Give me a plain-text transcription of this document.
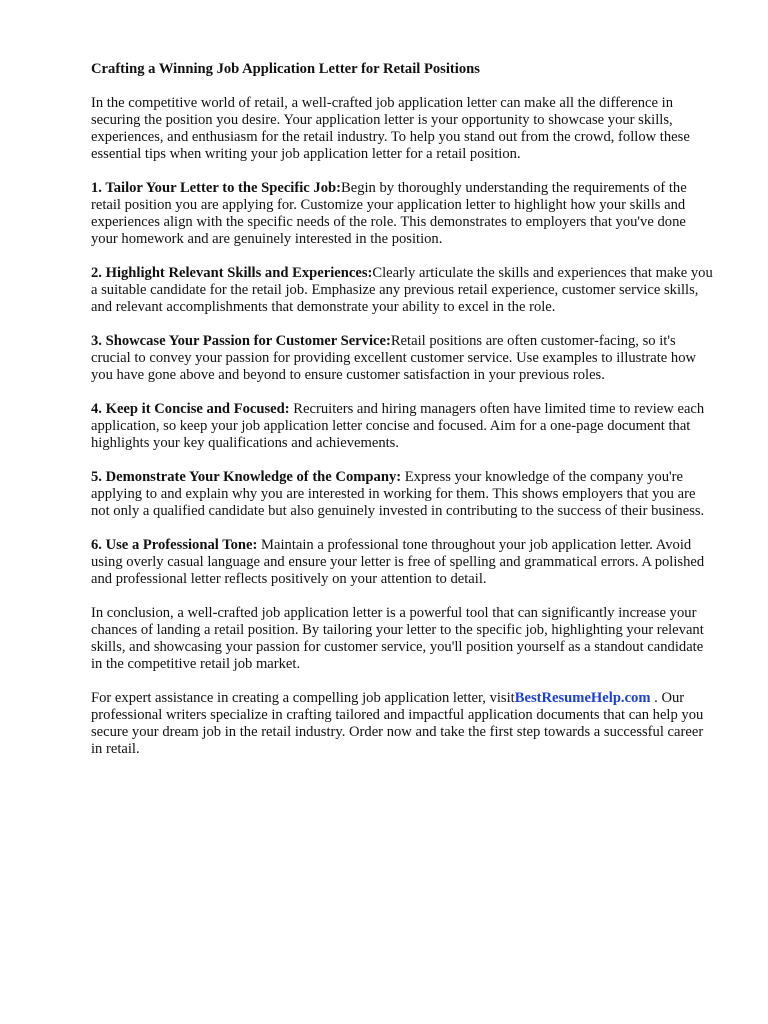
Crafting a Winning Job Application Letter for Retail Positions

In the competitive world of retail, a well-crafted job application letter can make all the difference in securing the position you desire. Your application letter is your opportunity to showcase your skills, experiences, and enthusiasm for the retail industry. To help you stand out from the crowd, follow these essential tips when writing your job application letter for a retail position.

1. Tailor Your Letter to the Specific Job:Begin by thoroughly understanding the requirements of the retail position you are applying for. Customize your application letter to highlight how your skills and experiences align with the specific needs of the role. This demonstrates to employers that you've done your homework and are genuinely interested in the position.

2. Highlight Relevant Skills and Experiences:Clearly articulate the skills and experiences that make you a suitable candidate for the retail job. Emphasize any previous retail experience, customer service skills, and relevant accomplishments that demonstrate your ability to excel in the role.

3. Showcase Your Passion for Customer Service:Retail positions are often customer-facing, so it's crucial to convey your passion for providing excellent customer service. Use examples to illustrate how you have gone above and beyond to ensure customer satisfaction in your previous roles.

4. Keep it Concise and Focused: Recruiters and hiring managers often have limited time to review each application, so keep your job application letter concise and focused. Aim for a one-page document that highlights your key qualifications and achievements.

5. Demonstrate Your Knowledge of the Company: Express your knowledge of the company you're applying to and explain why you are interested in working for them. This shows employers that you are not only a qualified candidate but also genuinely invested in contributing to the success of their business.

6. Use a Professional Tone: Maintain a professional tone throughout your job application letter. Avoid using overly casual language and ensure your letter is free of spelling and grammatical errors. A polished and professional letter reflects positively on your attention to detail.

In conclusion, a well-crafted job application letter is a powerful tool that can significantly increase your chances of landing a retail position. By tailoring your letter to the specific job, highlighting your relevant skills, and showcasing your passion for customer service, you'll position yourself as a standout candidate in the competitive retail job market.

For expert assistance in creating a compelling job application letter, visitBestResumeHelp.com . Our professional writers specialize in crafting tailored and impactful application documents that can help you secure your dream job in the retail industry. Order now and take the first step towards a successful career in retail.
